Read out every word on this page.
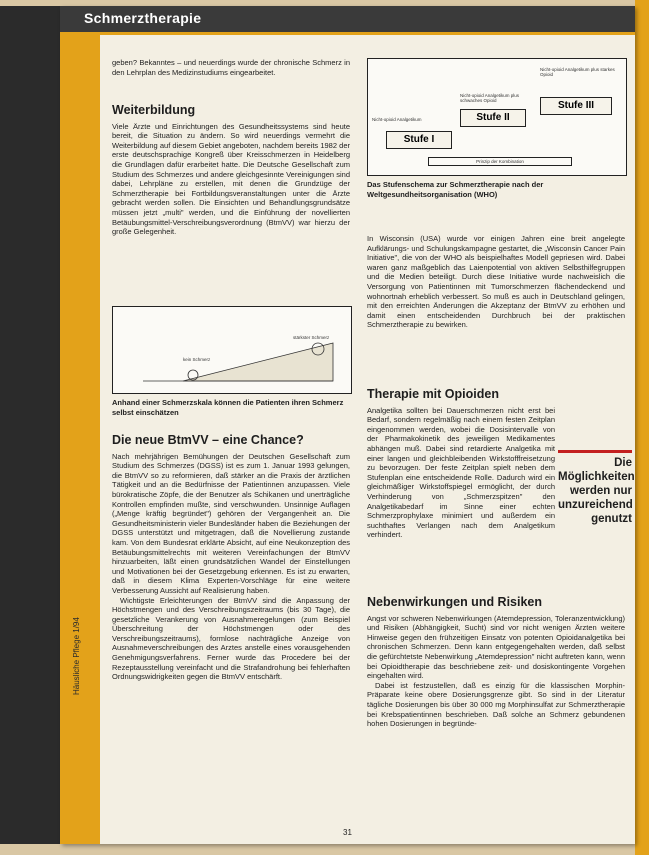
Schmerztherapie
Häusliche Pflege 1/94

geben? Bekanntes – und neuerdings wurde der chronische Schmerz in den Lehrplan des Medizinstudiums eingearbeitet.

Weiterbildung

Viele Ärzte und Einrichtungen des Gesundheitssystems sind heute bereit, die Situation zu ändern. So wird neuerdings vermehrt die Weiterbildung auf diesem Gebiet angeboten, nachdem bereits 1982 der erste deutschsprachige Kongreß über Kreisschmerzen in Heidelberg die Grundlagen dafür erarbeitet hatte. Die Deutsche Gesellschaft zum Studium des Schmerzes und andere gleichgesinnte Vereinigungen sind dabei, Lehrpläne zu erstellen, mit denen die Grundzüge der Schmerztherapie bei Fortbildungsveranstaltungen unter die Ärzte gebracht werden sollen. Die Einsichten und Behandlungsgrundsätze müssen jetzt „multi" werden, und die Einführung der novellierten Betäubungsmittel-Verschreibungsverordnung (BtmVV) war hierzu der große Gelegenheit.

kein Schmerz
stärkster Schmerz
Anhand einer Schmerzskala können die Patienten ihren Schmerz selbst einschätzen
Die neue BtmVV – eine Chance?

Nach mehrjährigen Bemühungen der Deutschen Gesellschaft zum Studium des Schmerzes (DGSS) ist es zum 1. Januar 1993 gelungen, die BtmVV so zu reformieren, daß stärker an die Praxis der ärztlichen Tätigkeit und an die Bedürfnisse der Patientinnen anzupassen. Viele bürokratische Zöpfe, die der Benutzer als Schikanen und unerträgliche Kontrollen empfinden mußte, sind verschwunden. Unsinnige Auflagen („Menge kräftig begründet") gehören der Vergangenheit an. Die Gesundheitsministerin vieler Bundesländer haben die Beziehungen der DGSS unterstützt und mitgetragen, daß die Novellierung zustande kam. Von dem Bundesrat erklärte Absicht, auf eine Neukonzeption des Betäubungsmittelrechts mit weiteren Vereinfachungen der BtmVV hinzuarbeiten, läßt einen grundsätzlichen Wandel der Einstellungen und Motivationen bei der Gesetzgebung erkennen. Es ist zu erwarten, daß in diesem Klima Experten-Vorschläge für eine weitere Verbesserung Aussicht auf Realisierung haben.

Wichtigste Erleichterungen der BtmVV sind die Anpassung der Höchstmengen und des Verschreibungszeitraums (bis 30 Tage), die gesetzliche Verankerung von Ausnahmeregelungen (zum Beispiel Überschreitung der Höchstmengen oder des Verschreibungszeitraums), formlose nachträgliche Anzeige von Ausnahmeverschreibungen des Arztes anstelle eines vorausgehenden Genehmigungsverfahrens. Ferner wurde das Procedere bei der Rezeptausstellung vereinfacht und die Strafandrohung bei fehlerhaften Ordnungswidrigkeiten gegen die BtmVV entschärft.

Stufe I
Stufe II
Stufe III
Nicht-opioid Analgetikum
Nicht-opioid Analgetikum plus schwaches Opioid
Nicht-opioid Analgetikum plus starkes Opioid
Prinzip der Kombination
Das Stufenschema zur Schmerztherapie nach der Weltgesundheitsorganisation (WHO)

In Wisconsin (USA) wurde vor einigen Jahren eine breit angelegte Aufklärungs- und Schulungskampagne gestartet, die „Wisconsin Cancer Pain Initiative", die von der WHO als beispielhaftes Modell gepriesen wird. Dabei waren ganz maßgeblich das Laienpotential von aktiven Selbsthilfegruppen und die Medien beteiligt. Durch diese Initiative wurde nachweislich die Versorgung von Patientinnen mit Tumorschmerzen flächendeckend und wohnortnah erheblich verbessert. So muß es auch in Deutschland gelingen, mit den erreichten Änderungen die Akzeptanz der BtmVV zu erhöhen und damit einen entscheidenden Durchbruch bei der praktischen Schmerztherapie zu bewirken.

Therapie mit Opioiden

Analgetika sollten bei Dauerschmerzen nicht erst bei Bedarf, sondern regelmäßig nach einem festen Zeitplan eingenommen werden, wobei die Dosisintervalle von der Pharmakokinetik des jeweiligen Medikamentes abhängen muß. Dabei sind retardierte Analgetika mit einer langen und gleichbleibenden Wirkstofffreisetzung zu bevorzugen. Der feste Zeitplan spielt neben dem Stufenplan eine entscheidende Rolle. Dadurch wird ein gleichmäßiger Wirkstoffspiegel ermöglicht, der durch Verhinderung von „Schmerzspitzen" den Analgetikabedarf im Sinne einer echten Schmerzprophylaxe minimiert und außerdem ein suchthaftes Verlangen nach dem Analgetikum verhindert.

Die Möglichkeiten werden nur unzureichend genutzt
Nebenwirkungen und Risiken

Angst vor schweren Nebenwirkungen (Atemdepression, Toleranzentwicklung) und Risiken (Abhängigkeit, Sucht) sind vor nicht wenigen Ärzten weitere Hinweise gegen den frühzeitigen Einsatz von potenten Opioidanalgetika bei chronischen Schmerzen. Denn kann entgegengehalten werden, daß selbst die gefürchtetste Nebenwirkung „Atemdepression" nicht auftreten kann, wenn bei Opioidtherapie das beschriebene zeit- und dosiskontingente Vorgehen eingehalten wird.

Dabei ist festzustellen, daß es einzig für die klassischen Morphin-Präparate keine obere Dosierungsgrenze gibt. So sind in der Literatur tägliche Dosierungen bis über 30 000 mg Morphinsulfat zur Schmerztherapie bei Krebspatientinnen beschrieben. Daß solche an Schmerz gebundenen hohen Dosierungen in begründe-

31
